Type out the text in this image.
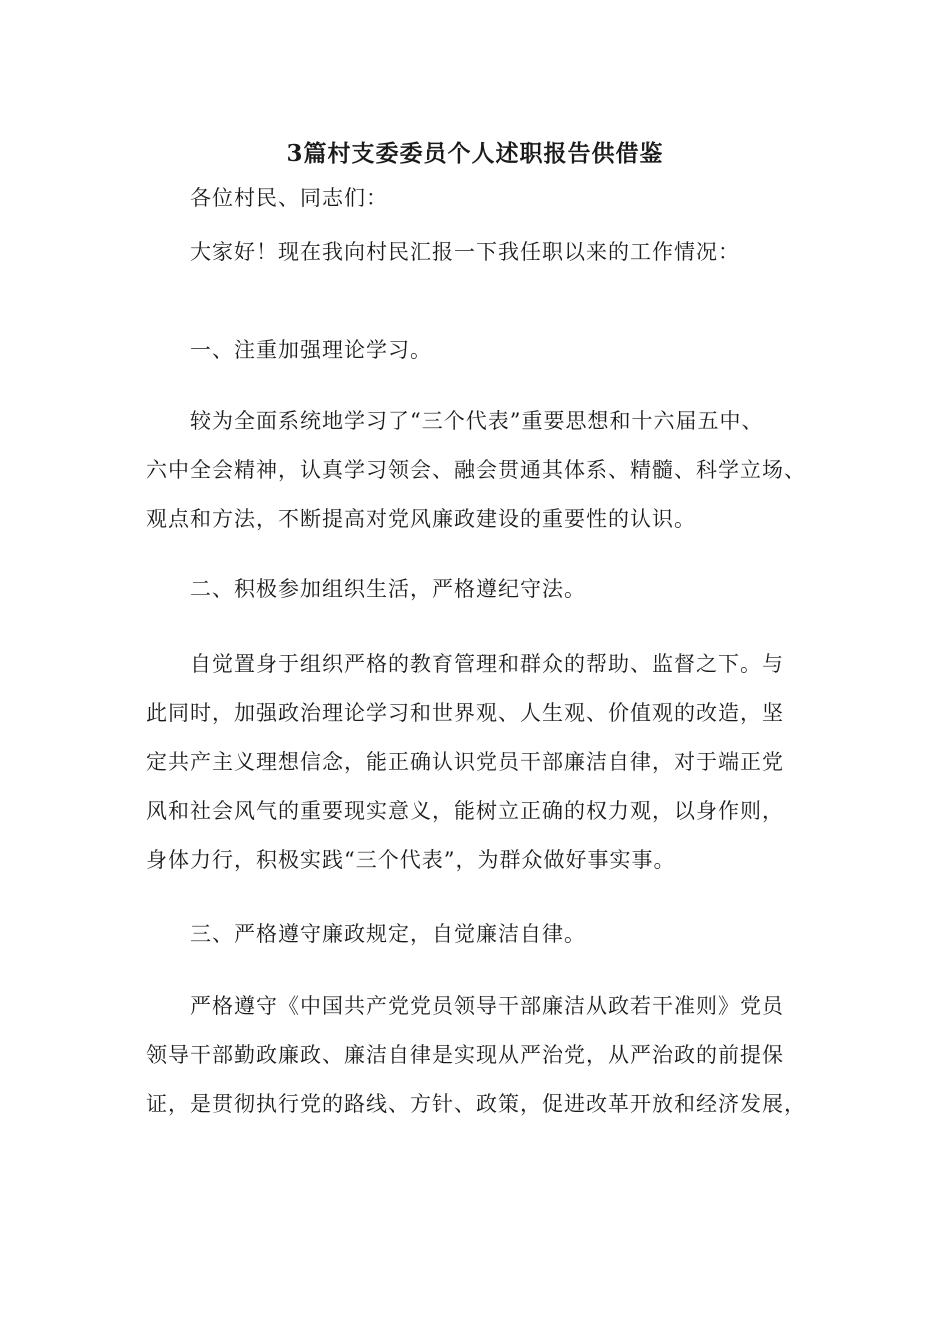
3篇村支委委员个人述职报告供借鉴
各位村民、同志们：
大家好！现在我向村民汇报一下我任职以来的工作情况：
一、注重加强理论学习。
较为全面系统地学习了“三个代表”重要思想和十六届五中、
六中全会精神，认真学习领会、融会贯通其体系、精髓、科学立场、
观点和方法，不断提高对党风廉政建设的重要性的认识。
二、积极参加组织生活，严格遵纪守法。
自觉置身于组织严格的教育管理和群众的帮助、监督之下。与
此同时，加强政治理论学习和世界观、人生观、价值观的改造，坚
定共产主义理想信念，能正确认识党员干部廉洁自律，对于端正党
风和社会风气的重要现实意义，能树立正确的权力观，以身作则，
身体力行，积极实践“三个代表”，为群众做好事实事。
三、严格遵守廉政规定，自觉廉洁自律。
严格遵守《中国共产党党员领导干部廉洁从政若干准则》党员
领导干部勤政廉政、廉洁自律是实现从严治党，从严治政的前提保
证，是贯彻执行党的路线、方针、政策，促进改革开放和经济发展，
